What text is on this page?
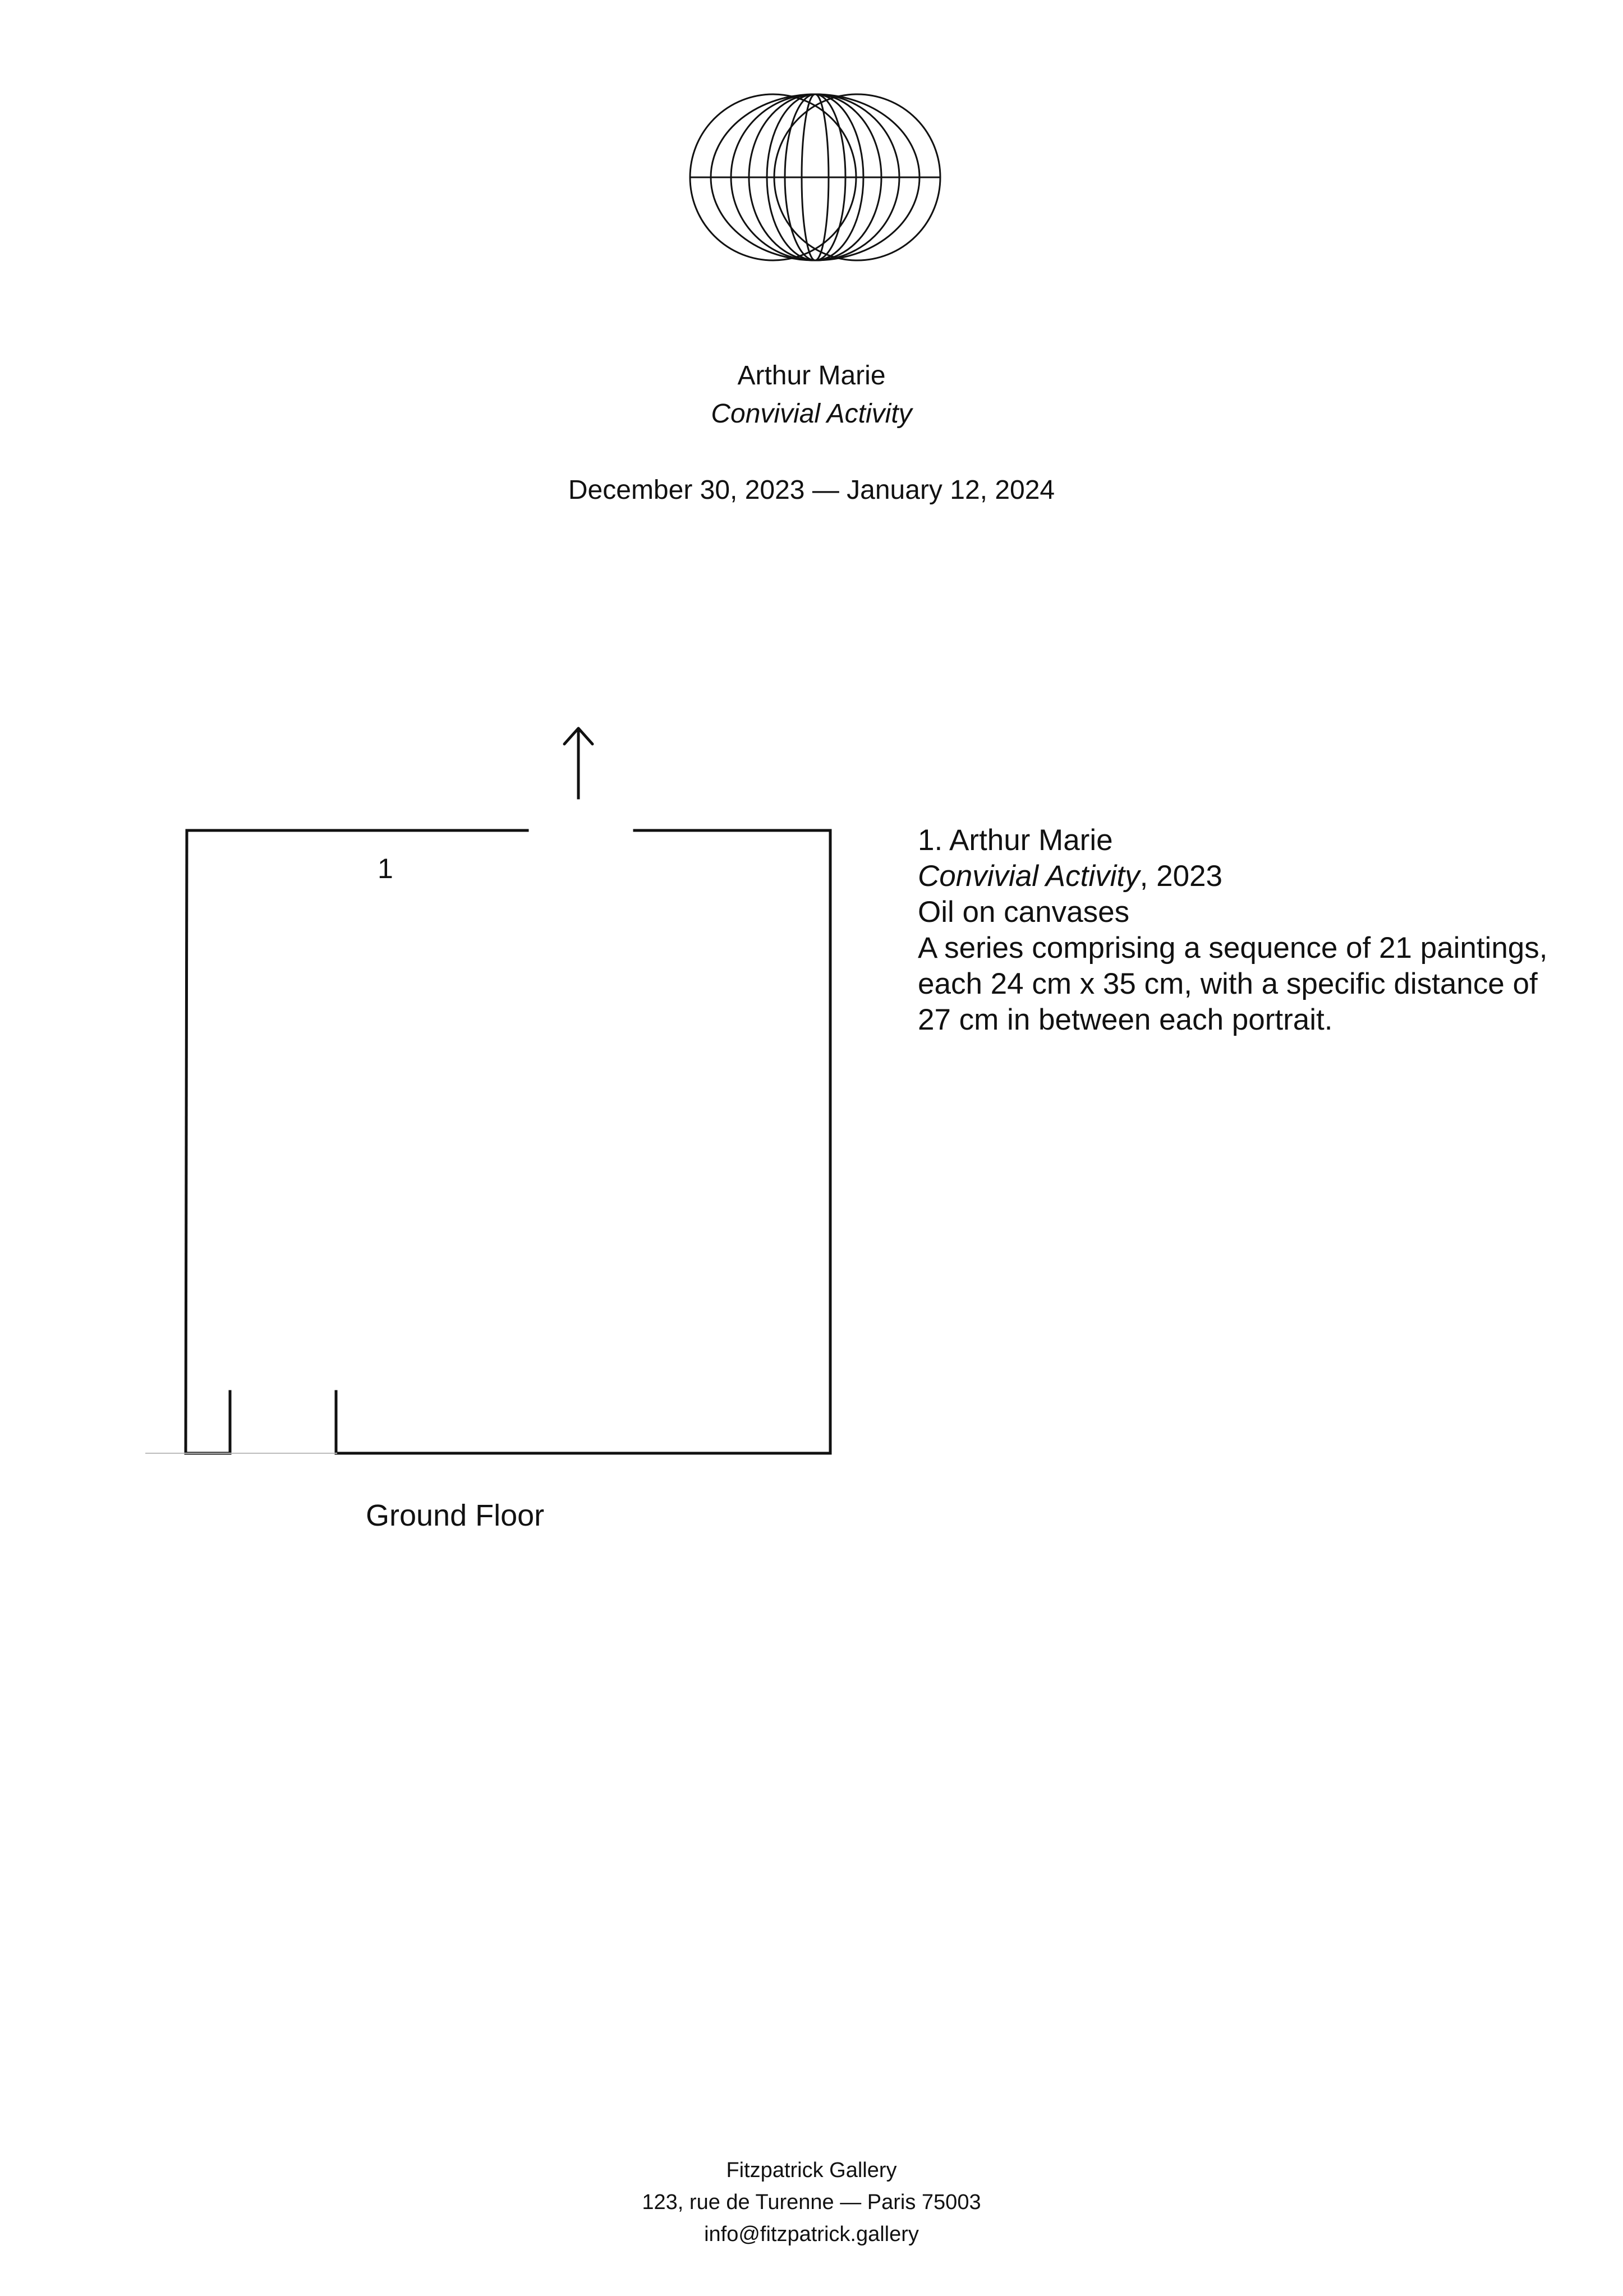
Arthur Marie
Convivial Activity
December 30, 2023 — January 12, 2024
1
Ground Floor
1. Arthur Marie
Convivial Activity, 2023
Oil on canvases
A series comprising a sequence of 21 paintings,
each 24 cm x 35 cm, with a specific distance of
27 cm in between each portrait.
Fitzpatrick Gallery
123, rue de Turenne — Paris 75003
info@fitzpatrick.gallery
